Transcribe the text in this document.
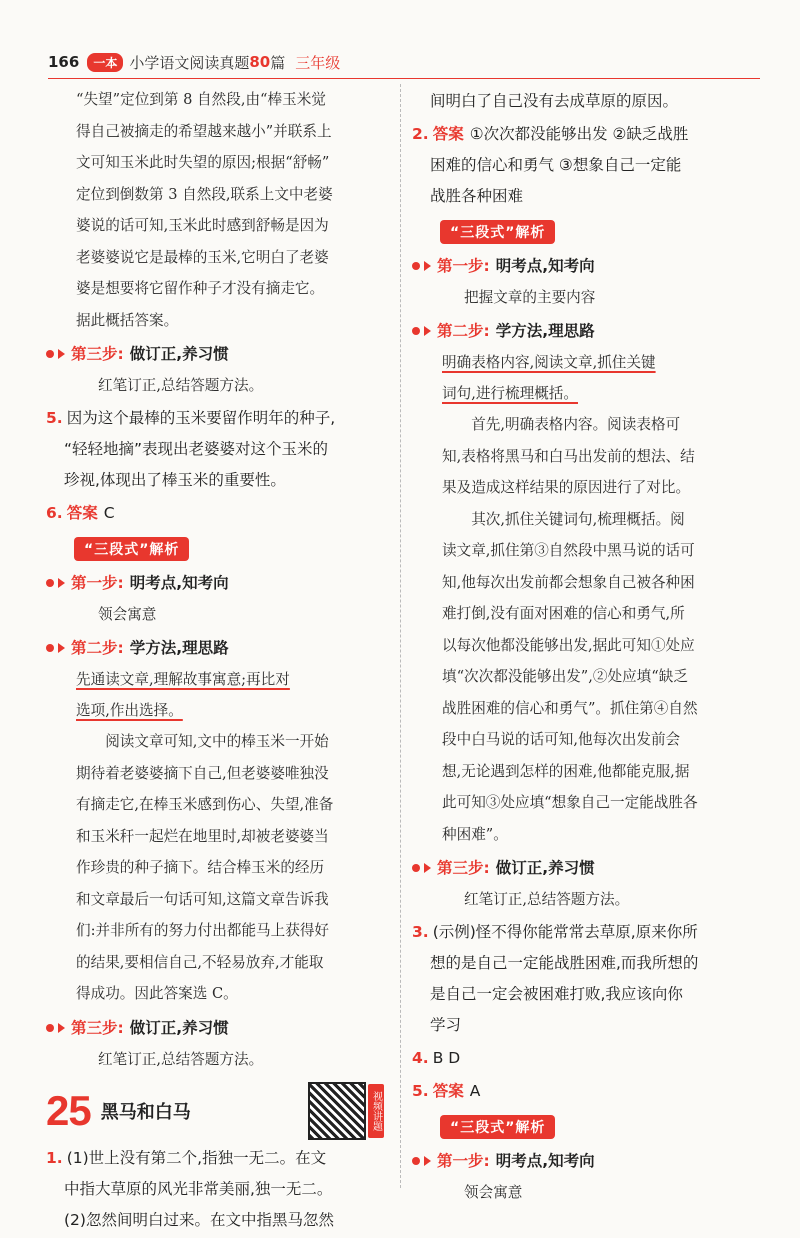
166	一本 小学语文阅读真题 80 篇 三年级

“失望”定位到第 8 自然段,由“棒玉米觉

得自己被摘走的希望越来越小”并联系上

文可知玉米此时失望的原因;根据“舒畅”

定位到倒数第 3 自然段,联系上文中老婆

婆说的话可知,玉米此时感到舒畅是因为

老婆婆说它是最棒的玉米,它明白了老婆

婆是想要将它留作种子才没有摘走它。

据此概括答案。

第三步: 做订正,养习惯
红笔订正,总结答题方法。
5. 因为这个最棒的玉米要留作明年的种子,
“轻轻地摘”表现出老婆婆对这个玉米的
珍视,体现出了棒玉米的重要性。
6. 答案 C
“三段式”解析
第一步: 明考点,知考向
领会寓意
第二步: 学方法,理思路
先通读文章,理解故事寓意;再比对
选项,作出选择。

阅读文章可知,文中的棒玉米一开始

期待着老婆婆摘下自己,但老婆婆唯独没

有摘走它,在棒玉米感到伤心、失望,准备

和玉米秆一起烂在地里时,却被老婆婆当

作珍贵的种子摘下。结合棒玉米的经历

和文章最后一句话可知,这篇文章告诉我

们:并非所有的努力付出都能马上获得好

的结果,要相信自己,不轻易放弃,才能取

得成功。因此答案选 C。

第三步: 做订正,养习惯
红笔订正,总结答题方法。
25 黑马和白马	视频讲题
1. (1)世上没有第二个,指独一无二。在文
中指大草原的风光非常美丽,独一无二。
(2)忽然间明白过来。在文中指黑马忽然
间明白了自己没有去成草原的原因。
2. 答案 ①次次都没能够出发 ②缺乏战胜
困难的信心和勇气 ③想象自己一定能
战胜各种困难
“三段式”解析
第一步: 明考点,知考向
把握文章的主要内容
第二步: 学方法,理思路
明确表格内容,阅读文章,抓住关键
词句,进行梳理概括。

首先,明确表格内容。阅读表格可

知,表格将黑马和白马出发前的想法、结

果及造成这样结果的原因进行了对比。

其次,抓住关键词句,梳理概括。阅

读文章,抓住第③自然段中黑马说的话可

知,他每次出发前都会想象自己被各种困

难打倒,没有面对困难的信心和勇气,所

以每次他都没能够出发,据此可知①处应

填“次次都没能够出发”,②处应填“缺乏

战胜困难的信心和勇气”。抓住第④自然

段中白马说的话可知,他每次出发前会

想,无论遇到怎样的困难,他都能克服,据

此可知③处应填“想象自己一定能战胜各

种困难”。

第三步: 做订正,养习惯
红笔订正,总结答题方法。
3. (示例)怪不得你能常常去草原,原来你所
想的是自己一定能战胜困难,而我所想的
是自己一定会被困难打败,我应该向你
学习
4. B D
5. 答案 A
“三段式”解析
第一步: 明考点,知考向
领会寓意
